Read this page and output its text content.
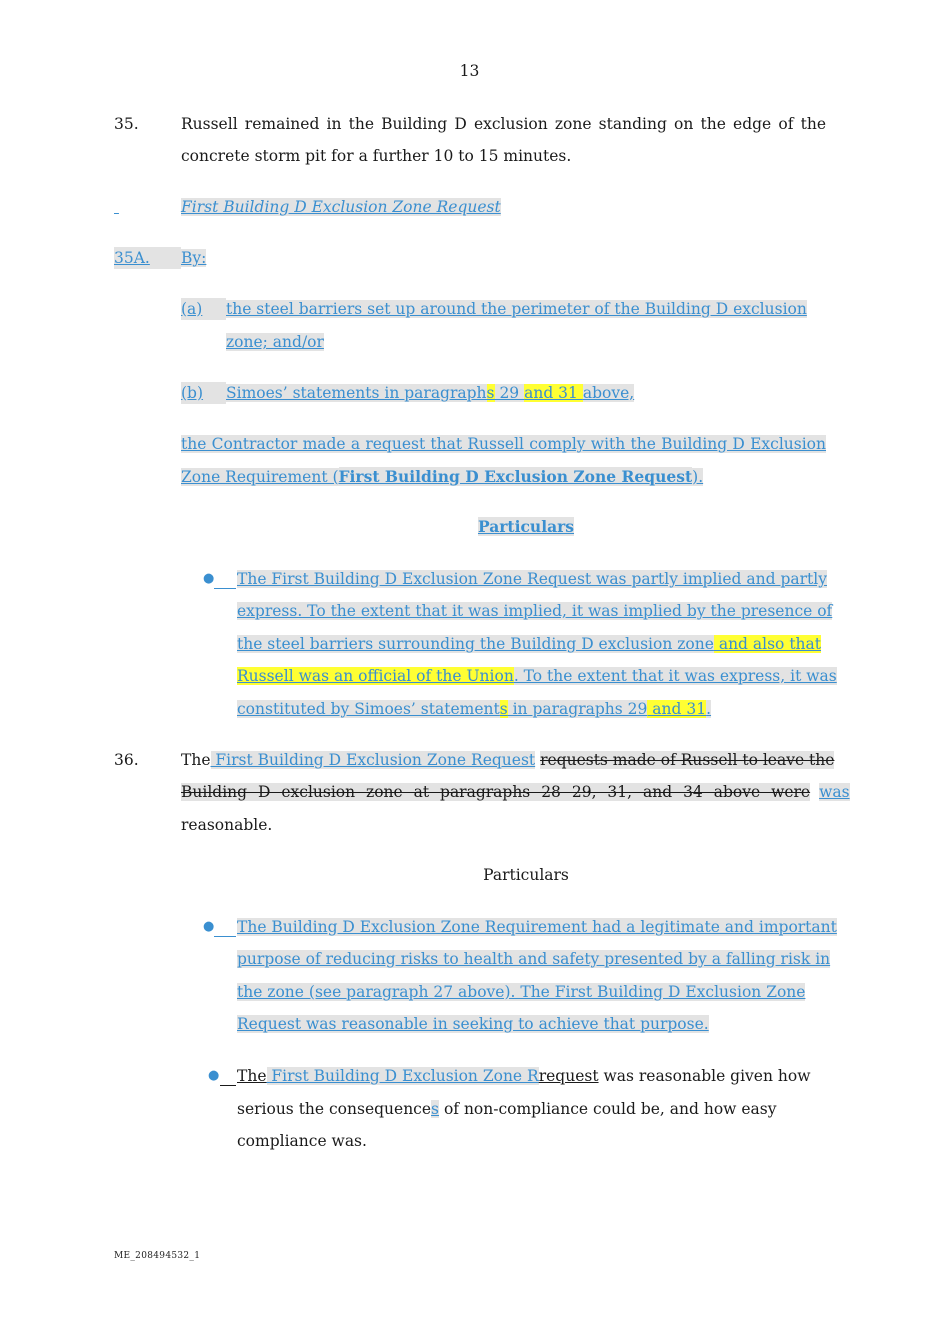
13
35.	Russell remained in the Building D exclusion zone standing on the edge of the
concrete storm pit for a further 10 to 15 minutes.
First Building D Exclusion Zone Request
35A. By:
(a) the steel barriers set up around the perimeter of the Building D exclusion
zone; and/or
(b) Simoes’ statements in paragraphs 29 and 31 above,
the Contractor made a request that Russell comply with the Building D Exclusion
Zone Requirement (First Building D Exclusion Zone Request).
Particulars
● The First Building D Exclusion Zone Request was partly implied and partly
express. To the extent that it was implied, it was implied by the presence of
the steel barriers surrounding the Building D exclusion zone and also that
Russell was an official of the Union. To the extent that it was express, it was
constituted by Simoes’ statements in paragraphs 29 and 31.
36.	The First Building D Exclusion Zone Request requests made of Russell to leave the
Building D exclusion zone at paragraphs 28 29, 31, and 34 above were was
reasonable.
Particulars
● The Building D Exclusion Zone Requirement had a legitimate and important
purpose of reducing risks to health and safety presented by a falling risk in
the zone (see paragraph 27 above). The First Building D Exclusion Zone
Request was reasonable in seeking to achieve that purpose.
● The First Building D Exclusion Zone Rrequest was reasonable given how
serious the consequences of non-compliance could be, and how easy
compliance was.
ME_208494532_1
